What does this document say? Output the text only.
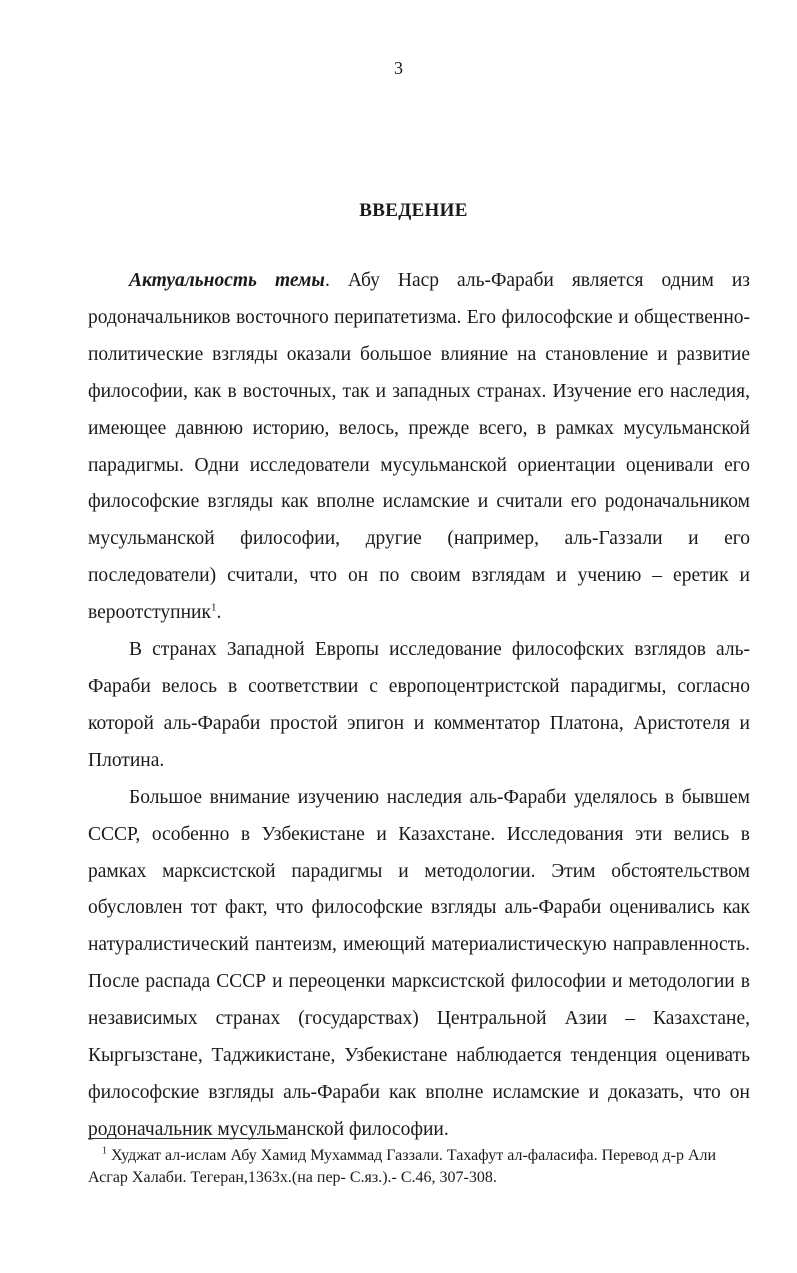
3
ВВЕДЕНИЕ

Актуальность темы. Абу Наср аль-Фараби является одним из родоначальников восточного перипатетизма. Его философские и общественно-политические взгляды оказали большое влияние на становление и развитие философии, как в восточных, так и западных странах. Изучение его наследия, имеющее давнюю историю, велось, прежде всего, в рамках мусульманской парадигмы. Одни исследователи мусульманской ориентации оценивали его философские взгляды как вполне исламские и считали его родоначальником мусульманской философии, другие (например, аль-Газзали и его последователи) считали, что он по своим взглядам и учению – еретик и вероотступник$^1$.

В странах Западной Европы исследование философских взглядов аль-Фараби велось в соответствии с европоцентристской парадигмы, согласно которой аль-Фараби простой эпигон и комментатор Платона, Аристотеля и Плотина.

Большое внимание изучению наследия аль-Фараби уделялось в бывшем СССР, особенно в Узбекистане и Казахстане. Исследования эти велись в рамках марксистской парадигмы и методологии. Этим обстоятельством обусловлен тот факт, что философские взгляды аль-Фараби оценивались как натуралистический пантеизм, имеющий материалистическую направленность. После распада СССР и переоценки марксистской философии и методологии в независимых странах (государствах) Центральной Азии – Казахстане, Кыргызстане, Таджикистане, Узбекистане наблюдается тенденция оценивать философские взгляды аль-Фараби как вполне исламские и доказать, что он родоначальник мусульманской философии.

$^1$ Худжат ал-ислам Абу Хамид Мухаммад Газзали. Тахафут ал-фаласифа. Перевод д-р Али Асгар Халаби. Тегеран,1363х.(на пер- С.яз.).- С.46, 307-308.
